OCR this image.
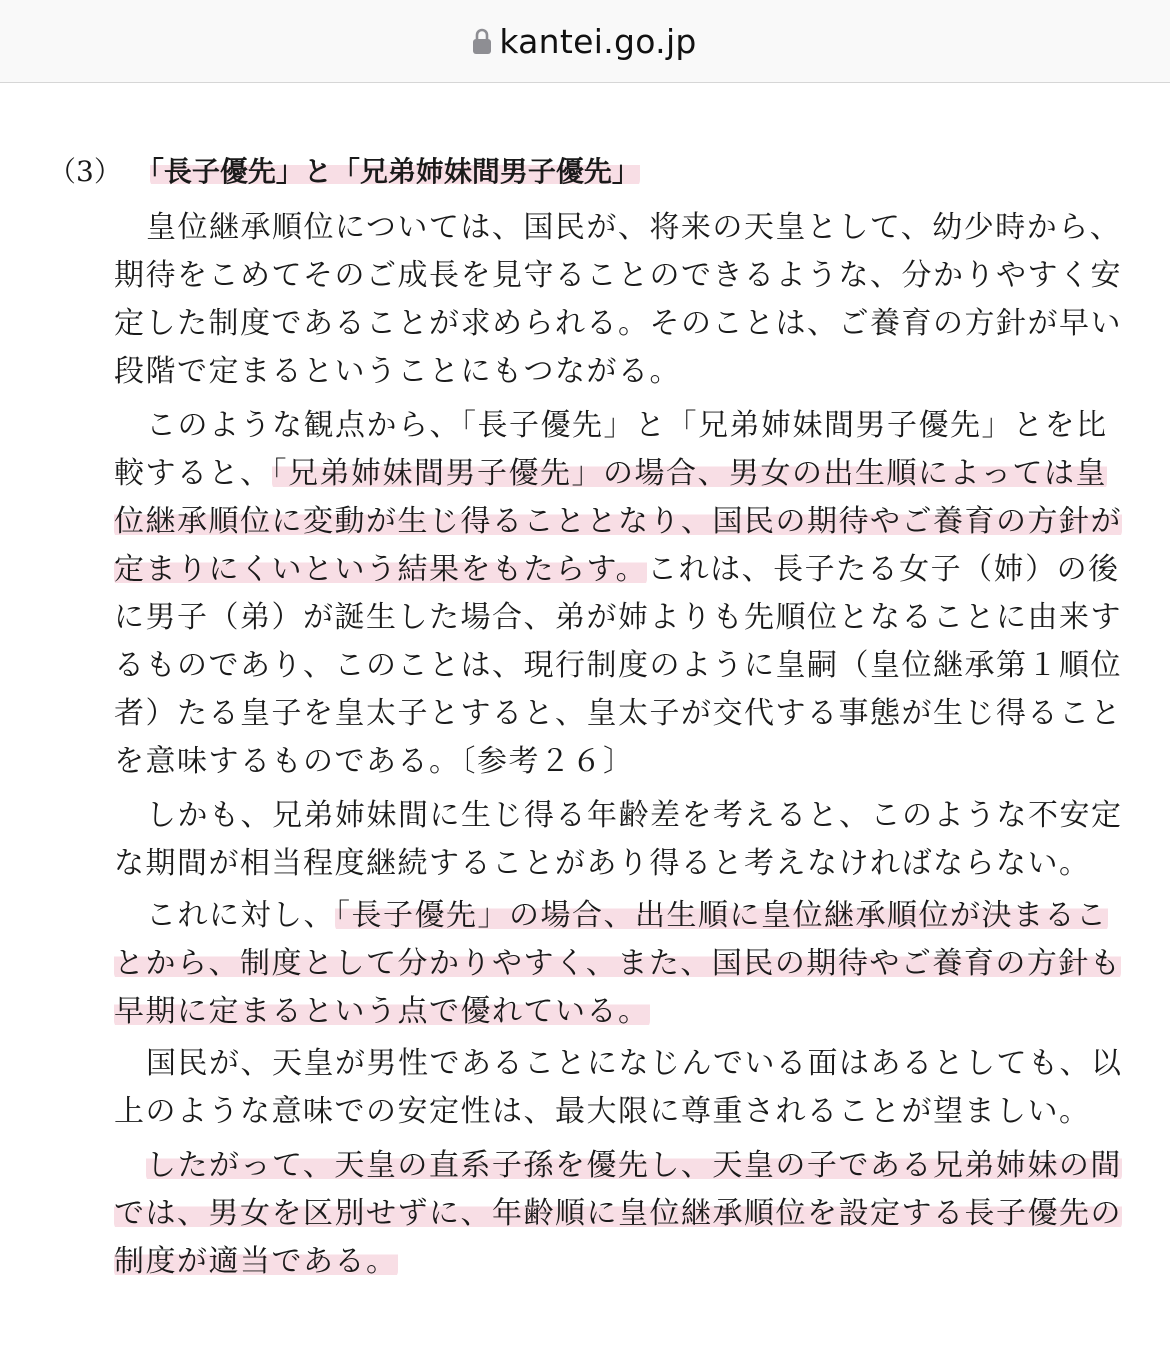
kantei.go.jp
（3） 「長子優先」と「兄弟姉妹間男子優先」
皇位継承順位については、国民が、将来の天皇として、幼少時から、
期待をこめてそのご成長を見守ることのできるような、分かりやすく安
定した制度であることが求められる。そのことは、ご養育の方針が早い
段階で定まるということにもつながる。
このような観点から、「長子優先」と「兄弟姉妹間男子優先」とを比
較すると、「兄弟姉妹間男子優先」の場合、男女の出生順によっては皇
位継承順位に変動が生じ得ることとなり、国民の期待やご養育の方針が
定まりにくいという結果をもたらす。これは、長子たる女子（姉）の後
に男子（弟）が誕生した場合、弟が姉よりも先順位となることに由来す
るものであり、このことは、現行制度のように皇嗣（皇位継承第１順位
者）たる皇子を皇太子とすると、皇太子が交代する事態が生じ得ること
を意味するものである。〔参考２６〕
しかも、兄弟姉妹間に生じ得る年齢差を考えると、このような不安定
な期間が相当程度継続することがあり得ると考えなければならない。
これに対し、「長子優先」の場合、出生順に皇位継承順位が決まるこ
とから、制度として分かりやすく、また、国民の期待やご養育の方針も
早期に定まるという点で優れている。
国民が、天皇が男性であることになじんでいる面はあるとしても、以
上のような意味での安定性は、最大限に尊重されることが望ましい。
したがって、天皇の直系子孫を優先し、天皇の子である兄弟姉妹の間
では、男女を区別せずに、年齢順に皇位継承順位を設定する長子優先の
制度が適当である。
